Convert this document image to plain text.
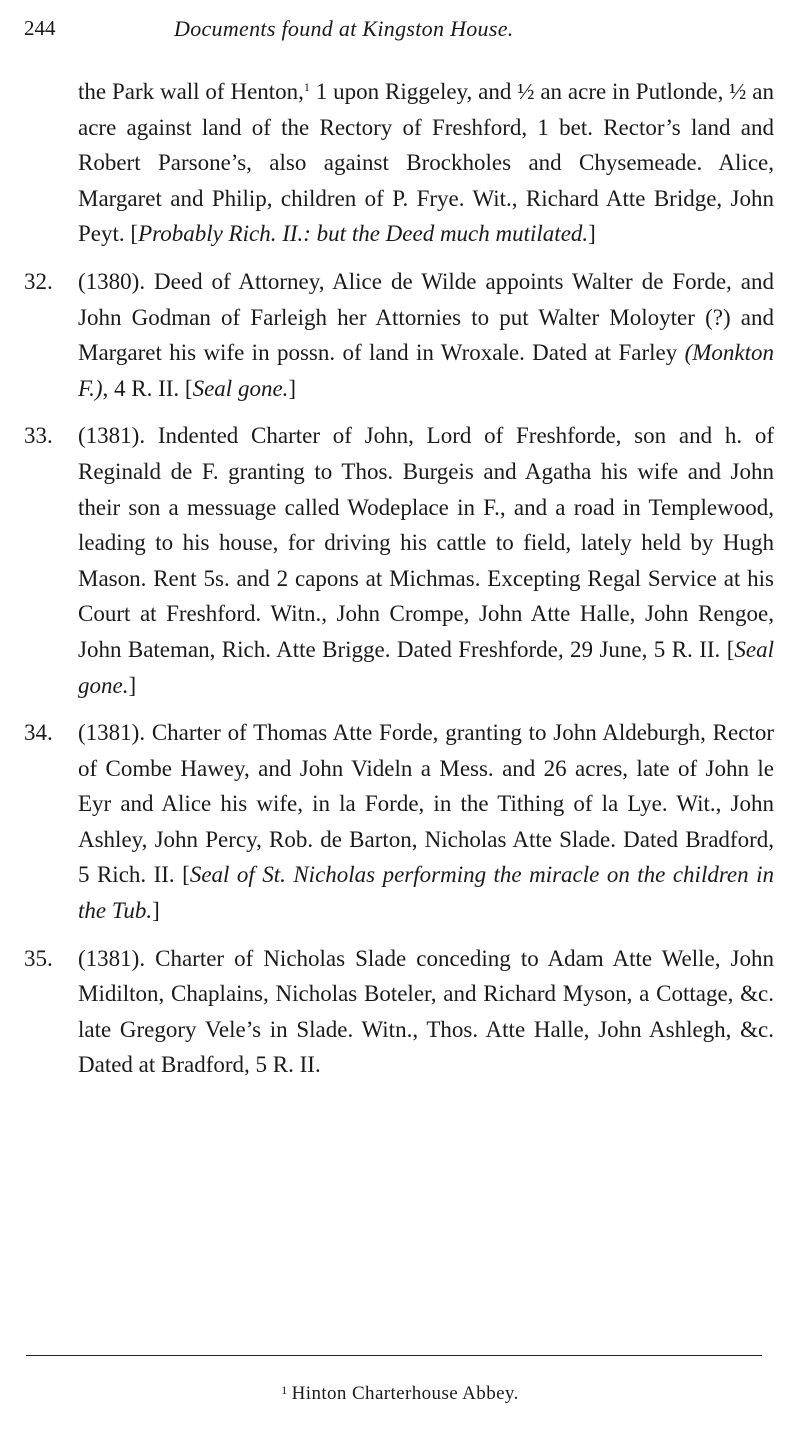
244	Documents found at Kingston House.

the Park wall of Henton,$^1$ 1 upon Riggeley, and ½ an acre in Putlonde, ½ an acre against land of the Rectory of Freshford, 1 bet. Rector’s land and Robert Parsone’s, also against Brockholes and Chysemeade. Alice, Margaret and Philip, children of P. Frye. Wit., Richard Atte Bridge, John Peyt. [Probably Rich. II.: but the Deed much mutilated.]

32.	(1380). Deed of Attorney, Alice de Wilde appoints Walter de Forde, and John Godman of Farleigh her Attornies to put Walter Moloyter (?) and Margaret his wife in possn. of land in Wroxale. Dated at Farley (Monkton F.), 4 R. II. [Seal gone.]

33.	(1381). Indented Charter of John, Lord of Freshforde, son and h. of Reginald de F. granting to Thos. Burgeis and Agatha his wife and John their son a messuage called Wodeplace in F., and a road in Templewood, leading to his house, for driving his cattle to field, lately held by Hugh Mason. Rent 5s. and 2 capons at Michmas. Excepting Regal Service at his Court at Freshford. Witn., John Crompe, John Atte Halle, John Rengoe, John Bateman, Rich. Atte Brigge. Dated Freshforde, 29 June, 5 R. II. [Seal gone.]

34.	(1381). Charter of Thomas Atte Forde, granting to John Aldeburgh, Rector of Combe Hawey, and John Videln a Mess. and 26 acres, late of John le Eyr and Alice his wife, in la Forde, in the Tithing of la Lye. Wit., John Ashley, John Percy, Rob. de Barton, Nicholas Atte Slade. Dated Bradford, 5 Rich. II. [Seal of St. Nicholas performing the miracle on the children in the Tub.]

35.	(1381). Charter of Nicholas Slade conceding to Adam Atte Welle, John Midilton, Chaplains, Nicholas Boteler, and Richard Myson, a Cottage, &c. late Gregory Vele’s in Slade. Witn., Thos. Atte Halle, John Ashlegh, &c. Dated at Bradford, 5 R. II.

$^1$ Hinton Charterhouse Abbey.
